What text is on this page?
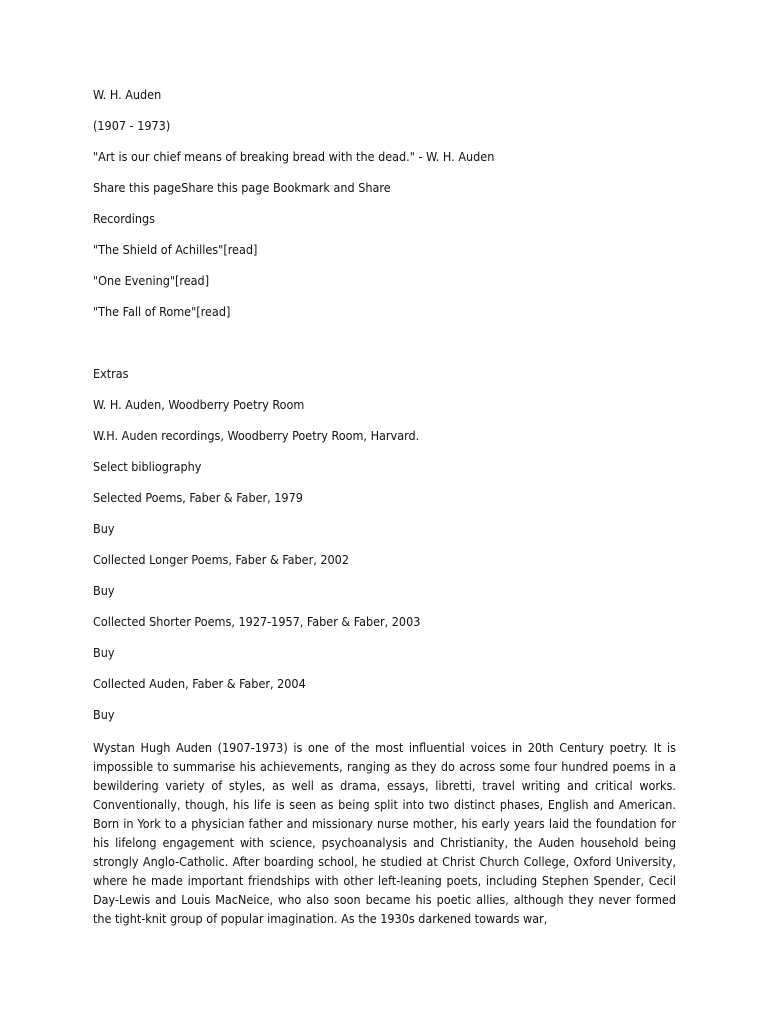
W. H. Auden
(1907 - 1973)
"Art is our chief means of breaking bread with the dead." - W. H. Auden
Share this pageShare this page Bookmark and Share
Recordings
"The Shield of Achilles"[read]
"One Evening"[read]
"The Fall of Rome"[read]
Extras
W. H. Auden, Woodberry Poetry Room
W.H. Auden recordings, Woodberry Poetry Room, Harvard.
Select bibliography
Selected Poems, Faber & Faber, 1979
Buy
Collected Longer Poems, Faber & Faber, 2002
Buy
Collected Shorter Poems, 1927-1957, Faber & Faber, 2003
Buy
Collected Auden, Faber & Faber, 2004
Buy

Wystan Hugh Auden (1907-1973) is one of the most influential voices in 20th Century poetry. It is impossible to summarise his achievements, ranging as they do across some four hundred poems in a bewildering variety of styles, as well as drama, essays, libretti, travel writing and critical works. Conventionally, though, his life is seen as being split into two distinct phases, English and American. Born in York to a physician father and missionary nurse mother, his early years laid the foundation for his lifelong engagement with science, psychoanalysis and Christianity, the Auden household being strongly Anglo-Catholic. After boarding school, he studied at Christ Church College, Oxford University, where he made important friendships with other left-leaning poets, including Stephen Spender, Cecil Day-Lewis and Louis MacNeice, who also soon became his poetic allies, although they never formed the tight-knit group of popular imagination. As the 1930s darkened towards war,
